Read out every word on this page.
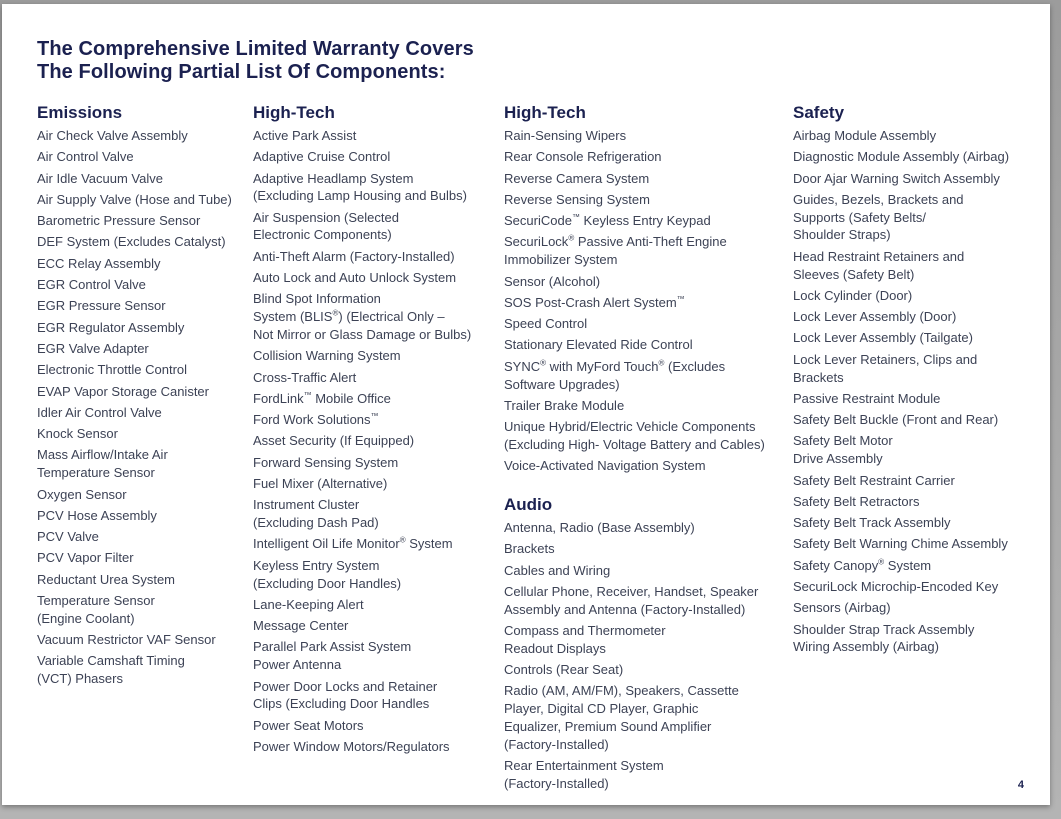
The Comprehensive Limited Warranty Covers
The Following Partial List Of Components:
Emissions
Air Check Valve Assembly
Air Control Valve
Air Idle Vacuum Valve
Air Supply Valve (Hose and Tube)
Barometric Pressure Sensor
DEF System (Excludes Catalyst)
ECC Relay Assembly
EGR Control Valve
EGR Pressure Sensor
EGR Regulator Assembly
EGR Valve Adapter
Electronic Throttle Control
EVAP Vapor Storage Canister
Idler Air Control Valve
Knock Sensor
Mass Airflow/Intake Air
Temperature Sensor
Oxygen Sensor
PCV Hose Assembly
PCV Valve
PCV Vapor Filter
Reductant Urea System
Temperature Sensor
(Engine Coolant)
Vacuum Restrictor VAF Sensor
Variable Camshaft Timing
(VCT) Phasers
High-Tech
Active Park Assist
Adaptive Cruise Control
Adaptive Headlamp System
(Excluding Lamp Housing and Bulbs)
Air Suspension (Selected
Electronic Components)
Anti-Theft Alarm (Factory-Installed)
Auto Lock and Auto Unlock System
Blind Spot Information
System (BLIS®) (Electrical Only –
Not Mirror or Glass Damage or Bulbs)
Collision Warning System
Cross-Traffic Alert
FordLink™ Mobile Office
Ford Work Solutions™
Asset Security (If Equipped)
Forward Sensing System
Fuel Mixer (Alternative)
Instrument Cluster
(Excluding Dash Pad)
Intelligent Oil Life Monitor® System
Keyless Entry System
(Excluding Door Handles)
Lane-Keeping Alert
Message Center
Parallel Park Assist System
Power Antenna
Power Door Locks and Retainer
Clips (Excluding Door Handles
Power Seat Motors
Power Window Motors/Regulators
High-Tech
Rain-Sensing Wipers
Rear Console Refrigeration
Reverse Camera System
Reverse Sensing System
SecuriCode™ Keyless Entry Keypad
SecuriLock® Passive Anti-Theft Engine
Immobilizer System
Sensor (Alcohol)
SOS Post-Crash Alert System™
Speed Control
Stationary Elevated Ride Control
SYNC® with MyFord Touch® (Excludes
Software Upgrades)
Trailer Brake Module
Unique Hybrid/Electric Vehicle Components
(Excluding High- Voltage Battery and Cables)
Voice-Activated Navigation System
Audio
Antenna, Radio (Base Assembly)
Brackets
Cables and Wiring
Cellular Phone, Receiver, Handset, Speaker
Assembly and Antenna (Factory-Installed)
Compass and Thermometer
Readout Displays
Controls (Rear Seat)
Radio (AM, AM/FM), Speakers, Cassette
Player, Digital CD Player, Graphic
Equalizer, Premium Sound Amplifier
(Factory-Installed)
Rear Entertainment System
(Factory-Installed)
Safety
Airbag Module Assembly
Diagnostic Module Assembly (Airbag)
Door Ajar Warning Switch Assembly
Guides, Bezels, Brackets and
Supports (Safety Belts/
Shoulder Straps)
Head Restraint Retainers and
Sleeves (Safety Belt)
Lock Cylinder (Door)
Lock Lever Assembly (Door)
Lock Lever Assembly (Tailgate)
Lock Lever Retainers, Clips and
Brackets
Passive Restraint Module
Safety Belt Buckle (Front and Rear)
Safety Belt Motor
Drive Assembly
Safety Belt Restraint Carrier
Safety Belt Retractors
Safety Belt Track Assembly
Safety Belt Warning Chime Assembly
Safety Canopy® System
SecuriLock Microchip-Encoded Key
Sensors (Airbag)
Shoulder Strap Track Assembly
Wiring Assembly (Airbag)
4
